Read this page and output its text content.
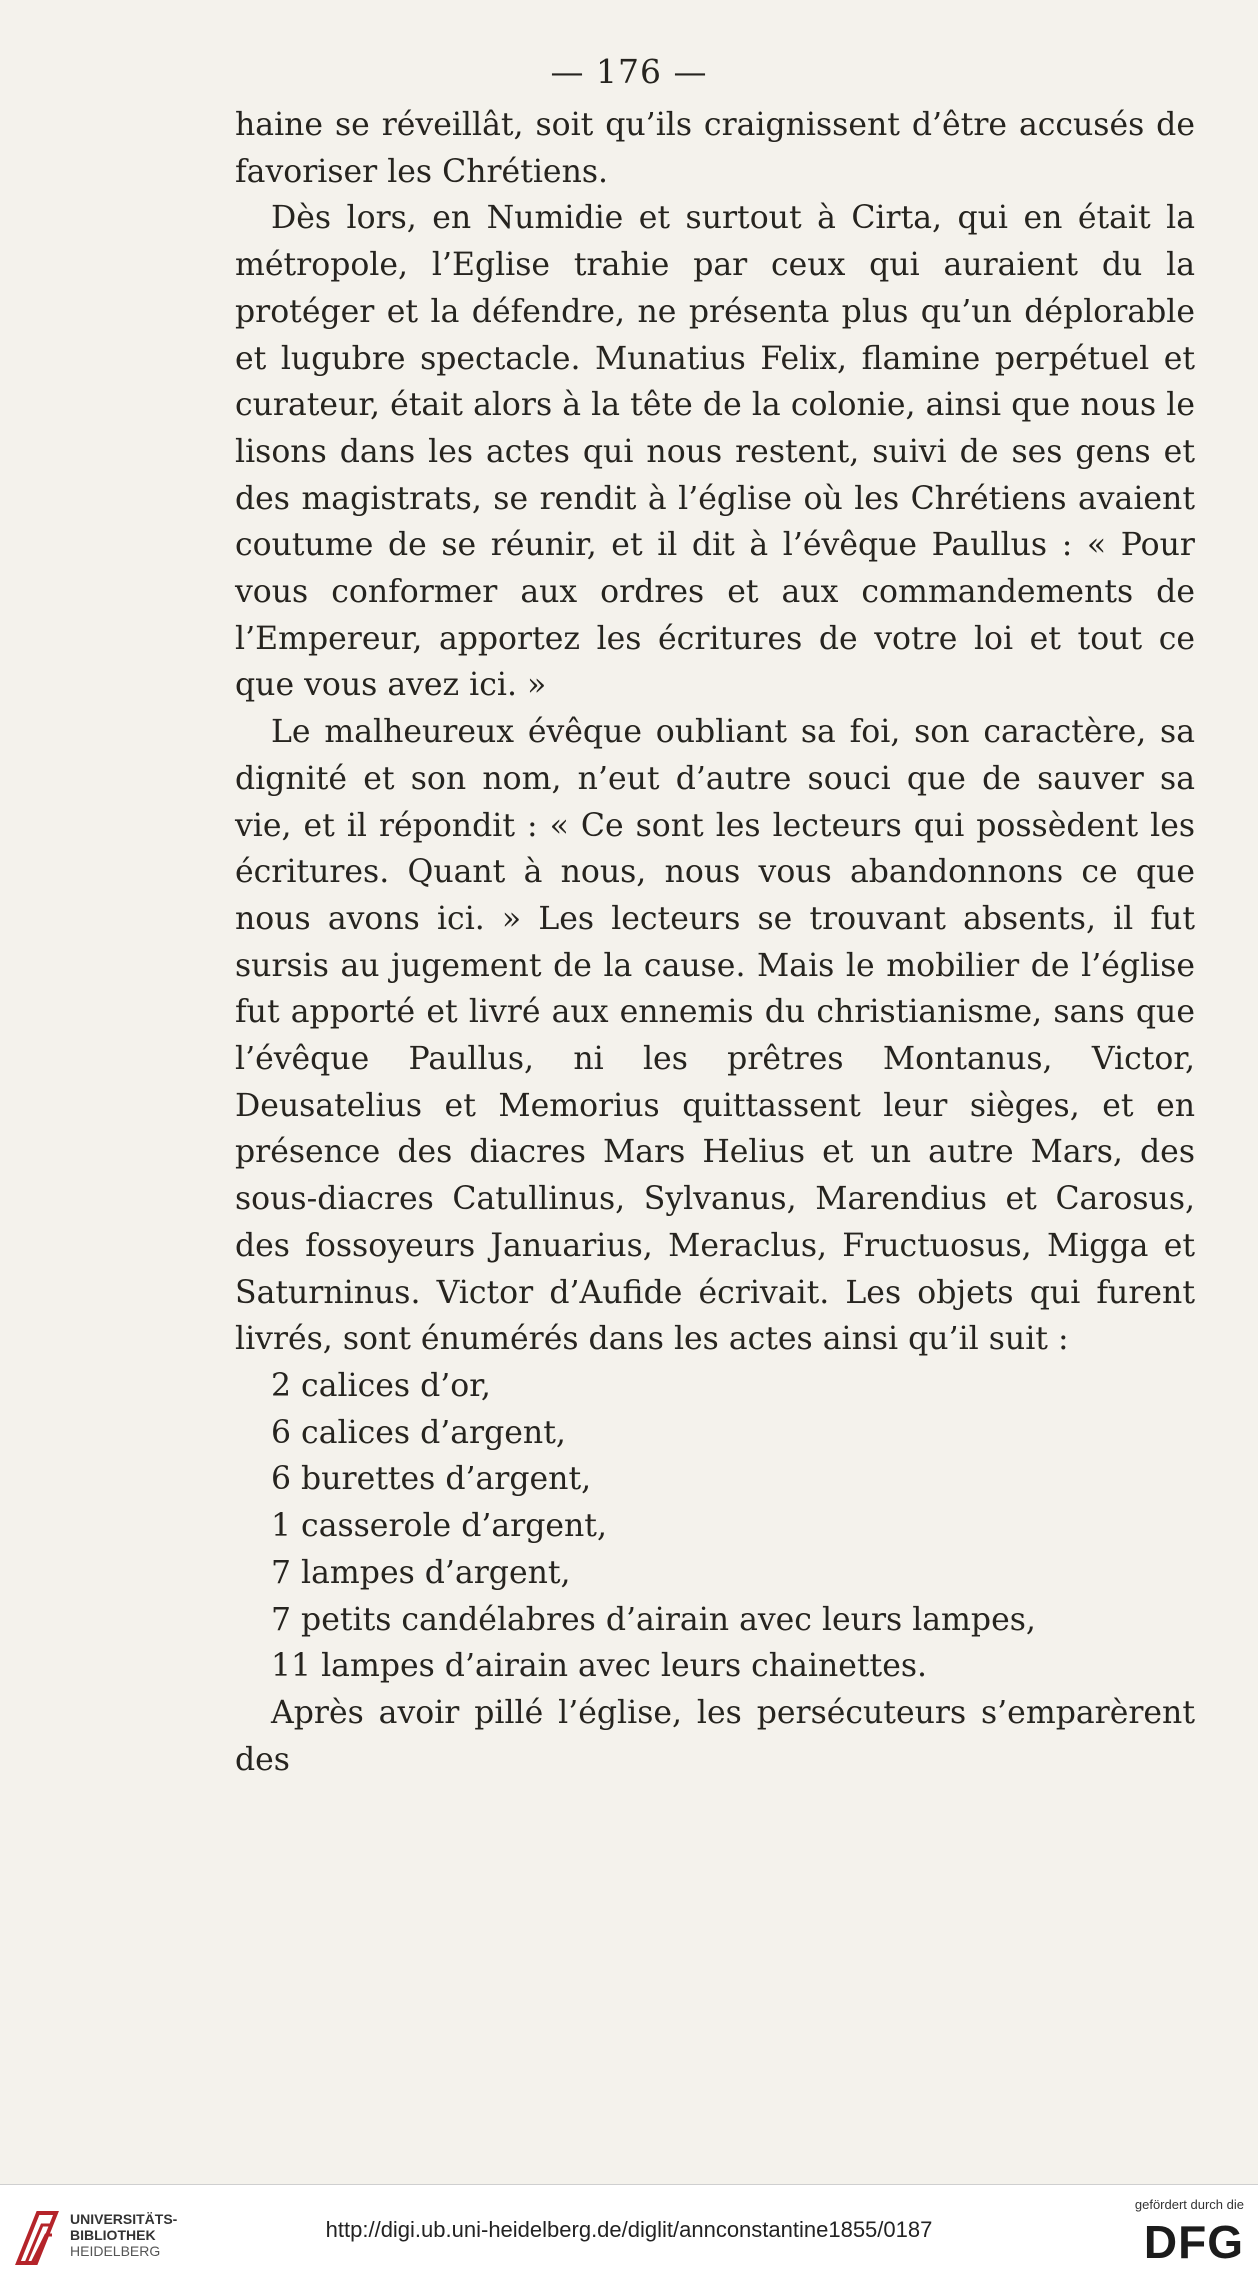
— 176 —

haine se réveillât, soit qu’ils craignissent d’être accusés de favoriser les Chrétiens.

Dès lors, en Numidie et surtout à Cirta, qui en était la métropole, l’Eglise trahie par ceux qui auraient du la protéger et la défendre, ne présenta plus qu’un déplorable et lugubre spectacle. Munatius Felix, flamine perpétuel et curateur, était alors à la tête de la colonie, ainsi que nous le lisons dans les actes qui nous restent, suivi de ses gens et des magistrats, se rendit à l’église où les Chrétiens avaient coutume de se réunir, et il dit à l’évêque Paullus : « Pour vous conformer aux ordres et aux commandements de l’Empereur, apportez les écritures de votre loi et tout ce que vous avez ici. »

Le malheureux évêque oubliant sa foi, son caractère, sa dignité et son nom, n’eut d’autre souci que de sauver sa vie, et il répondit : « Ce sont les lecteurs qui possèdent les écritures. Quant à nous, nous vous abandonnons ce que nous avons ici. » Les lecteurs se trouvant absents, il fut sursis au jugement de la cause. Mais le mobilier de l’église fut apporté et livré aux ennemis du christianisme, sans que l’évêque Paullus, ni les prêtres Montanus, Victor, Deusatelius et Memorius quittassent leur sièges, et en présence des diacres Mars Helius et un autre Mars, des sous-diacres Catullinus, Sylvanus, Marendius et Carosus, des fossoyeurs Januarius, Meraclus, Fructuosus, Migga et Saturninus. Victor d’Aufide écrivait. Les objets qui furent livrés, sont énumérés dans les actes ainsi qu’il suit :

2 calices d’or,
6 calices d’argent,
6 burettes d’argent,
1 casserole d’argent,
7 lampes d’argent,
7 petits candélabres d’airain avec leurs lampes,
11 lampes d’airain avec leurs chainettes.

Après avoir pillé l’église, les persécuteurs s’emparèrent des

UNIVERSITÄTS-
BIBLIOTHEK
HEIDELBERG
http://digi.ub.uni-heidelberg.de/diglit/annconstantine1855/0187
gefördert durch die
DFG
